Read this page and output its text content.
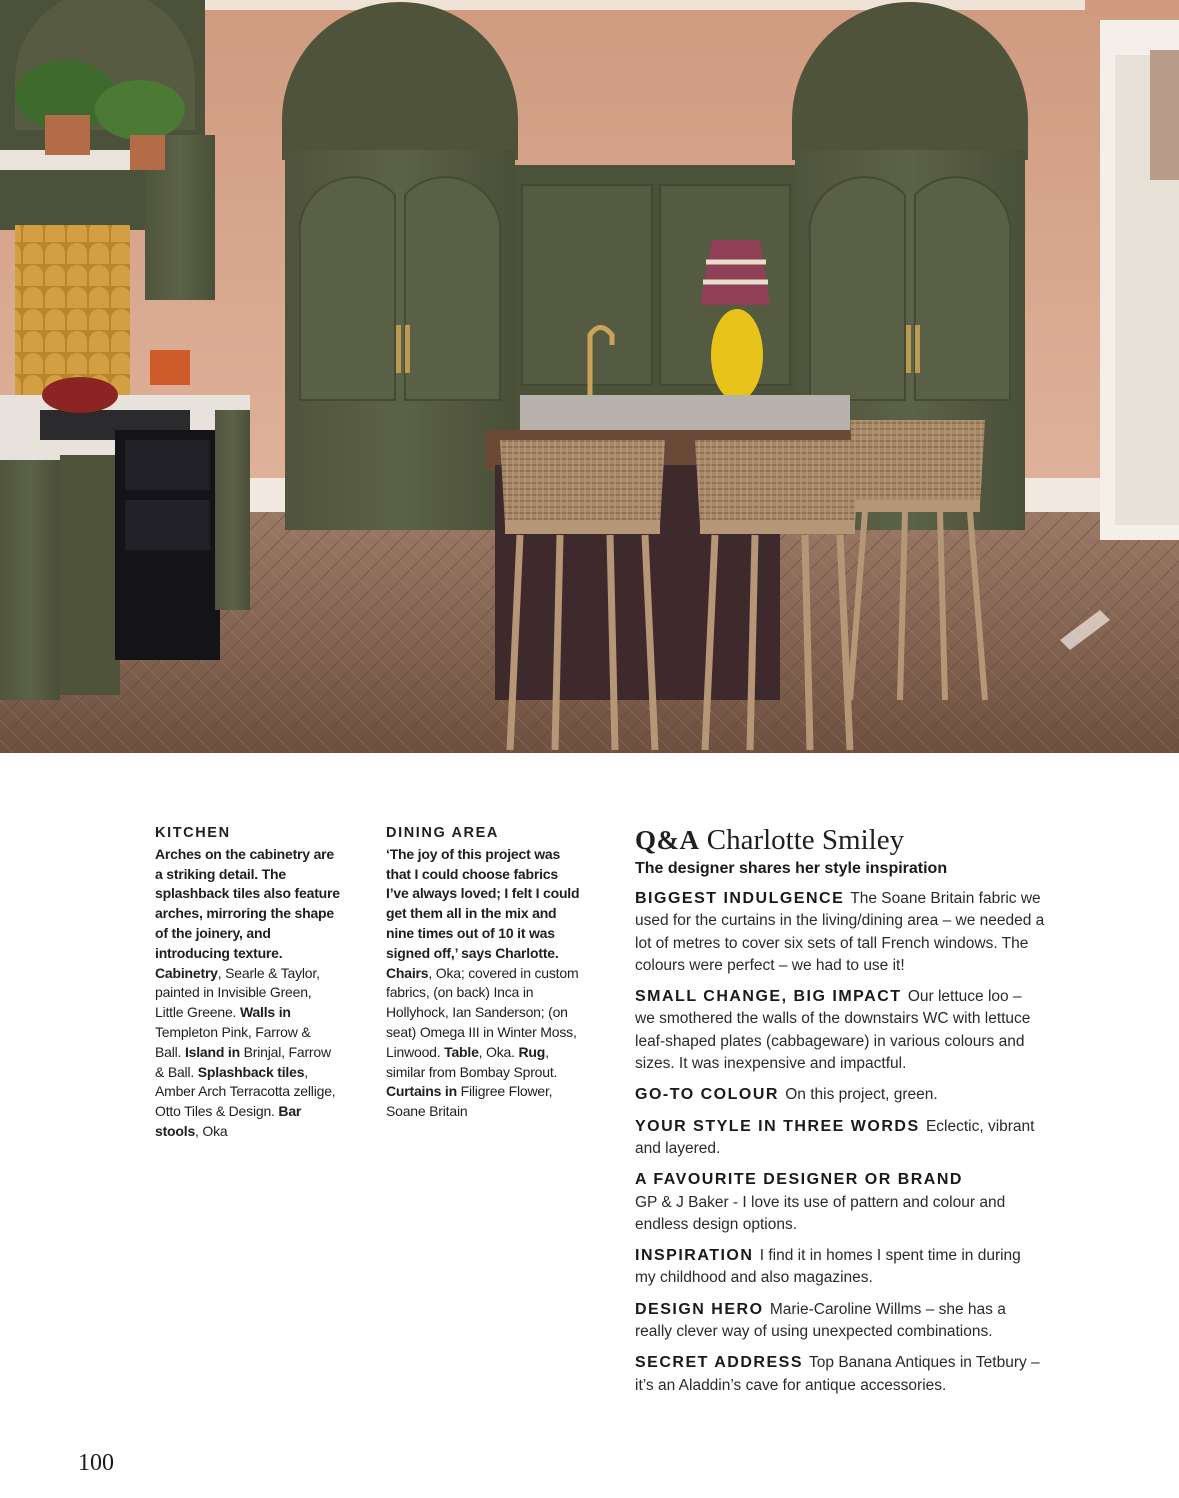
KITCHEN
Arches on the cabinetry are a striking detail. The splashback tiles also feature arches, mirroring the shape of the joinery, and introducing texture. Cabinetry, Searle & Taylor, painted in Invisible Green, Little Greene. Walls in Templeton Pink, Farrow & Ball. Island in Brinjal, Farrow & Ball. Splashback tiles, Amber Arch Terracotta zellige, Otto Tiles & Design. Bar stools, Oka
DINING AREA
‘The joy of this project was that I could choose fabrics I’ve always loved; I felt I could get them all in the mix and nine times out of 10 it was signed off,’ says Charlotte. Chairs, Oka; covered in custom fabrics, (on back) Inca in Hollyhock, Ian Sanderson; (on seat) Omega III in Winter Moss, Linwood. Table, Oka. Rug, similar from Bombay Sprout. Curtains in Filigree Flower, Soane Britain
Q&A Charlotte Smiley
The designer shares her style inspiration
BIGGEST INDULGENCE The Soane Britain fabric we used for the curtains in the living/dining area – we needed a lot of metres to cover six sets of tall French windows. The colours were perfect – we had to use it!
SMALL CHANGE, BIG IMPACT Our lettuce loo – we smothered the walls of the downstairs WC with lettuce leaf-shaped plates (cabbageware) in various colours and sizes. It was inexpensive and impactful.
GO-TO COLOUR On this project, green.
YOUR STYLE IN THREE WORDS Eclectic, vibrant and layered.
A FAVOURITE DESIGNER OR BRAND
GP & J Baker - I love its use of pattern and colour and endless design options.
INSPIRATION I find it in homes I spent time in during my childhood and also magazines.
DESIGN HERO Marie-Caroline Willms – she has a really clever way of using unexpected combinations.
SECRET ADDRESS Top Banana Antiques in Tetbury – it’s an Aladdin’s cave for antique accessories.
100
